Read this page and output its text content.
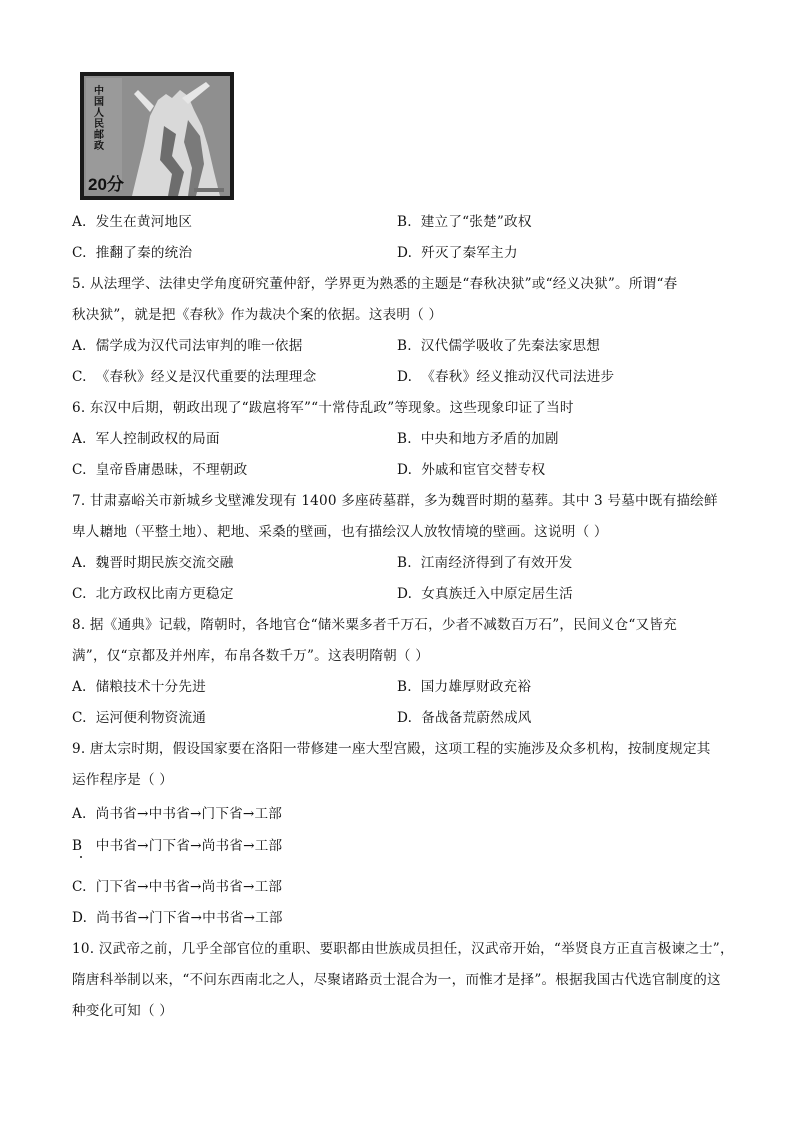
中国人民邮政
20分
A. 发生在黄河地区	B. 建立了“张楚”政权
C. 推翻了秦的统治	D. 歼灭了秦军主力
5. 从法理学、法律史学角度研究董仲舒，学界更为熟悉的主题是“春秋决狱”或“经义决狱”。所谓“春
秋决狱”，就是把《春秋》作为裁决个案的依据。这表明（ ）
A. 儒学成为汉代司法审判的唯一依据	B. 汉代儒学吸收了先秦法家思想
C. 《春秋》经义是汉代重要的法理理念	D. 《春秋》经义推动汉代司法进步
6. 东汉中后期，朝政出现了“跋扈将军”“十常侍乱政”等现象。这些现象印证了当时
A. 军人控制政权的局面	B. 中央和地方矛盾的加剧
C. 皇帝昏庸愚昧，不理朝政	D. 外戚和宦官交替专权
7. 甘肃嘉峪关市新城乡戈壁滩发现有 1400 多座砖墓群，多为魏晋时期的墓葬。其中 3 号墓中既有描绘鲜
卑人耱地（平整土地）、耙地、采桑的壁画，也有描绘汉人放牧情境的壁画。这说明（ ）
A. 魏晋时期民族交流交融	B. 江南经济得到了有效开发
C. 北方政权比南方更稳定	D. 女真族迁入中原定居生活
8. 据《通典》记载，隋朝时，各地官仓“储米粟多者千万石，少者不减数百万石”，民间义仓“又皆充
满”，仅“京都及并州库，布帛各数千万”。这表明隋朝（ ）
A. 储粮技术十分先进	B. 国力雄厚财政充裕
C. 运河便利物资流通	D. 备战备荒蔚然成风
9. 唐太宗时期，假设国家要在洛阳一带修建一座大型宫殿，这项工程的实施涉及众多机构，按制度规定其
运作程序是（ ）
A. 尚书省→中书省→门下省→工部
B 中书省→门下省→尚书省→工部
C. 门下省→中书省→尚书省→工部
D. 尚书省→门下省→中书省→工部
10. 汉武帝之前，几乎全部官位的重职、要职都由世族成员担任，汉武帝开始，“举贤良方正直言极谏之士”，
隋唐科举制以来，“不问东西南北之人，尽聚诸路贡士混合为一，而惟才是择”。根据我国古代选官制度的这
种变化可知（ ）
